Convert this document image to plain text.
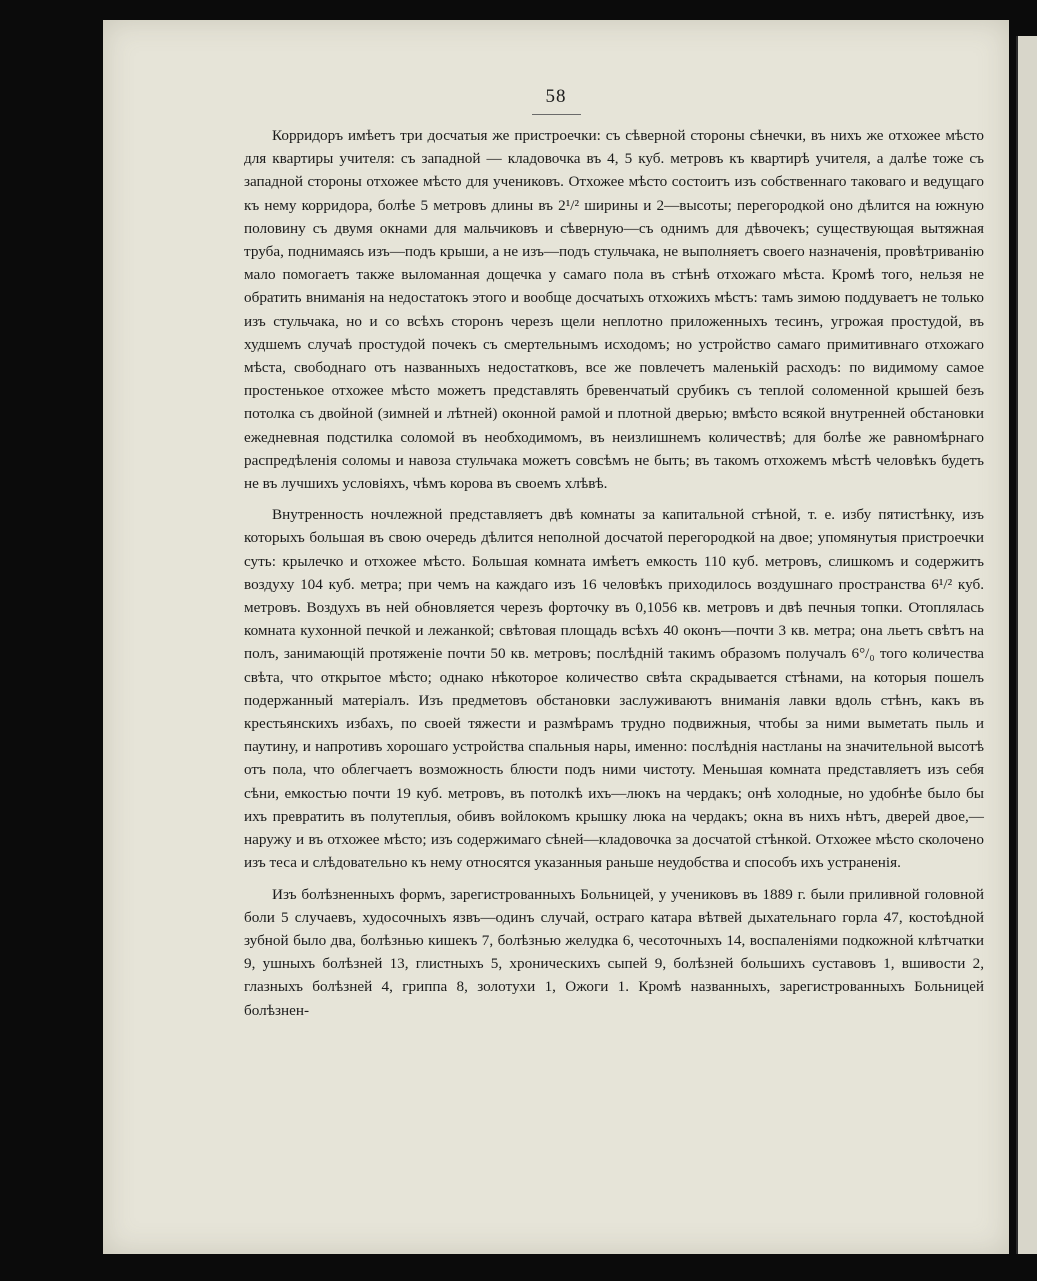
58

Корридоръ имѣетъ три досчатыя же пристроечки: съ сѣверной стороны сѣнечки, въ нихъ же отхожее мѣсто для квартиры учителя: съ западной — кладовочка въ 4, 5 куб. метровъ къ квартирѣ учителя, а далѣе тоже съ западной стороны отхожее мѣсто для учениковъ. Отхожее мѣсто состоитъ изъ собственнаго таковаго и ведущаго къ нему корридора, болѣе 5 метровъ длины въ 2¹/² ширины и 2—высоты; перегородкой оно дѣлится на южную половину съ двумя окнами для мальчиковъ и сѣверную—съ однимъ для дѣвочекъ; существующая вытяжная труба, поднимаясь изъ—подъ крыши, а не изъ—подъ стульчака, не выполняетъ своего назначенія, провѣтриванію мало помогаетъ также выломанная дощечка у самаго пола въ стѣнѣ отхожаго мѣста. Кромѣ того, нельзя не обратить вниманія на недостатокъ этого и вообще досчатыхъ отхожихъ мѣстъ: тамъ зимою поддуваетъ не только изъ стульчака, но и со всѣхъ сторонъ черезъ щели неплотно приложенныхъ тесинъ, угрожая простудой, въ худшемъ случаѣ простудой почекъ съ смертельнымъ исходомъ; но устройство самаго примитивнаго отхожаго мѣста, свободнаго отъ названныхъ недостатковъ, все же повлечетъ маленькій расходъ: по видимому самое простенькое отхожее мѣсто можетъ представлять бревенчатый срубикъ съ теплой соломенной крышей безъ потолка съ двойной (зимней и лѣтней) оконной рамой и плотной дверью; вмѣсто всякой внутренней обстановки ежедневная подстилка соломой въ необходимомъ, въ неизлишнемъ количествѣ; для болѣе же равномѣрнаго распредѣленія соломы и навоза стульчака можетъ совсѣмъ не быть; въ такомъ отхожемъ мѣстѣ человѣкъ будетъ не въ лучшихъ условіяхъ, чѣмъ корова въ своемъ хлѣвѣ.

Внутренность ночлежной представляетъ двѣ комнаты за капитальной стѣной, т. е. избу пятистѣнку, изъ которыхъ большая въ свою очередь дѣлится неполной досчатой перегородкой на двое; упомянутыя пристроечки суть: крылечко и отхожее мѣсто. Большая комната имѣетъ емкость 110 куб. метровъ, слишкомъ и содержитъ воздуху 104 куб. метра; при чемъ на каждаго изъ 16 человѣкъ приходилось воздушнаго пространства 6¹/² куб. метровъ. Воздухъ въ ней обновляется черезъ форточку въ 0,1056 кв. метровъ и двѣ печныя топки. Отоплялась комната кухонной печкой и лежанкой; свѣтовая площадь всѣхъ 40 оконъ—почти 3 кв. метра; она льетъ свѣтъ на полъ, занимающій протяженіе почти 50 кв. метровъ; послѣдній такимъ образомъ получалъ 6°/₀ того количества свѣта, что открытое мѣсто; однако нѣкоторое количество свѣта скрадывается стѣнами, на которыя пошелъ подержанный матеріалъ. Изъ предметовъ обстановки заслуживаютъ вниманія лавки вдоль стѣнъ, какъ въ крестьянскихъ избахъ, по своей тяжести и размѣрамъ трудно подвижныя, чтобы за ними выметать пыль и паутину, и напротивъ хорошаго устройства спальныя нары, именно: послѣднія настланы на значительной высотѣ отъ пола, что облегчаетъ возможность блюсти подъ ними чистоту. Меньшая комната представляетъ изъ себя сѣни, емкостью почти 19 куб. метровъ, въ потолкѣ ихъ—люкъ на чердакъ; онѣ холодные, но удобнѣе было бы ихъ превратить въ полутеплыя, обивъ войлокомъ крышку люка на чердакъ; окна въ нихъ нѣтъ, дверей двое,—наружу и въ отхожее мѣсто; изъ содержимаго сѣней—кладовочка за досчатой стѣнкой. Отхожее мѣсто сколочено изъ теса и слѣдовательно къ нему относятся указанныя раньше неудобства и способъ ихъ устраненія.

Изъ болѣзненныхъ формъ, зарегистрованныхъ Больницей, у учениковъ въ 1889 г. были приливной головной боли 5 случаевъ, худосочныхъ язвъ—одинъ случай, остраго катара вѣтвей дыхательнаго горла 47, костоѣдной зубной было два, болѣзнью кишекъ 7, болѣзнью желудка 6, чесоточныхъ 14, воспаленіями подкожной клѣтчатки 9, ушныхъ болѣзней 13, глистныхъ 5, хроническихъ сыпей 9, болѣзней большихъ суставовъ 1, вшивости 2, глазныхъ болѣзней 4, гриппа 8, золотухи 1, Ожоги 1. Кромѣ названныхъ, зарегистрованныхъ Больницей болѣзнен-
